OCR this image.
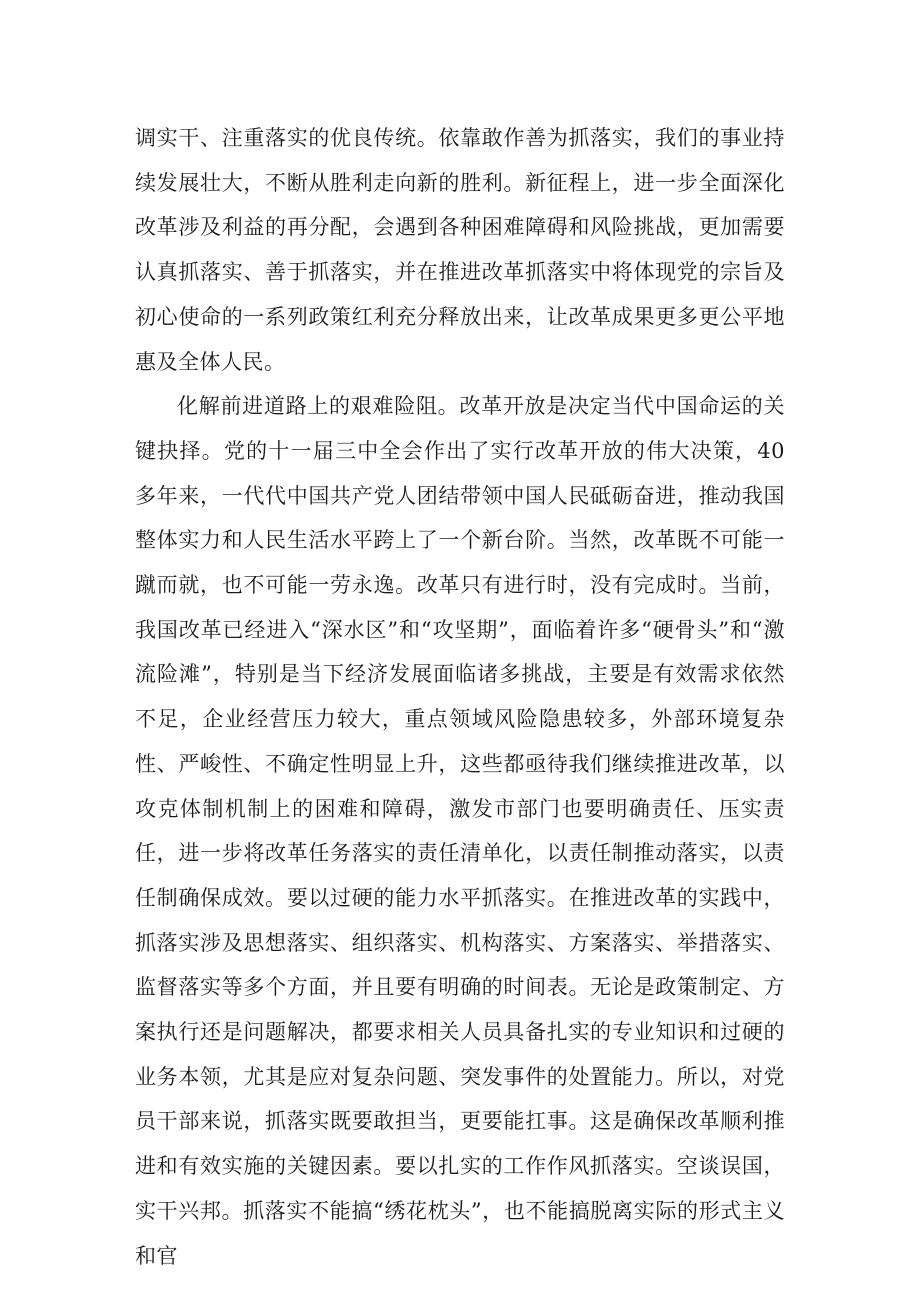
调实干、注重落实的优良传统。依靠敢作善为抓落实，我们的事业持续发展壮大，不断从胜利走向新的胜利。新征程上，进一步全面深化改革涉及利益的再分配，会遇到各种困难障碍和风险挑战，更加需要认真抓落实、善于抓落实，并在推进改革抓落实中将体现党的宗旨及初心使命的一系列政策红利充分释放出来，让改革成果更多更公平地惠及全体人民。

化解前进道路上的艰难险阻。改革开放是决定当代中国命运的关键抉择。党的十一届三中全会作出了实行改革开放的伟大决策，40多年来，一代代中国共产党人团结带领中国人民砥砺奋进，推动我国整体实力和人民生活水平跨上了一个新台阶。当然，改革既不可能一蹴而就，也不可能一劳永逸。改革只有进行时，没有完成时。当前，我国改革已经进入“深水区”和“攻坚期”，面临着许多“硬骨头”和“激流险滩”，特别是当下经济发展面临诸多挑战，主要是有效需求依然不足，企业经营压力较大，重点领域风险隐患较多，外部环境复杂性、严峻性、不确定性明显上升，这些都亟待我们继续推进改革，以攻克体制机制上的困难和障碍，激发市部门也要明确责任、压实责任，进一步将改革任务落实的责任清单化，以责任制推动落实，以责任制确保成效。要以过硬的能力水平抓落实。在推进改革的实践中，抓落实涉及思想落实、组织落实、机构落实、方案落实、举措落实、监督落实等多个方面，并且要有明确的时间表。无论是政策制定、方案执行还是问题解决，都要求相关人员具备扎实的专业知识和过硬的业务本领，尤其是应对复杂问题、突发事件的处置能力。所以，对党员干部来说，抓落实既要敢担当，更要能扛事。这是确保改革顺利推进和有效实施的关键因素。要以扎实的工作作风抓落实。空谈误国，实干兴邦。抓落实不能搞“绣花枕头”，也不能搞脱离实际的形式主义和官
